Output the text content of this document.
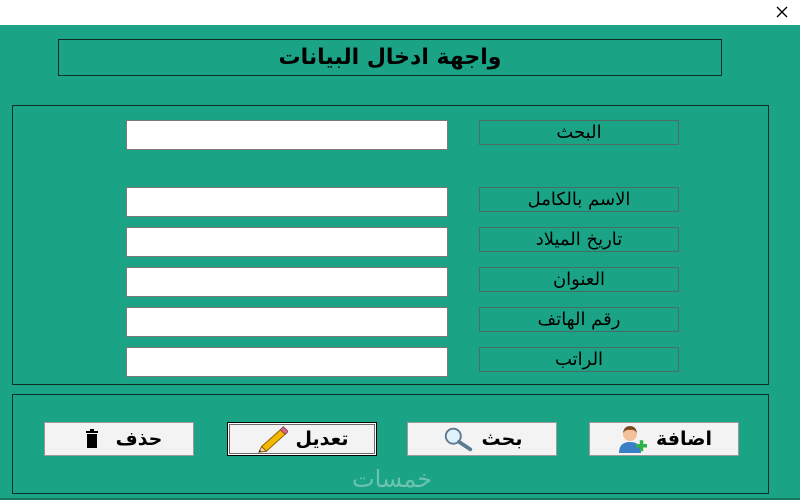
واجهة ادخال البيانات
البحث
الاسم بالكامل
تاريخ الميلاد
العنوان
رقم الهاتف
الراتب
حذف	تعديل	بحث	اضافة
خمسات
